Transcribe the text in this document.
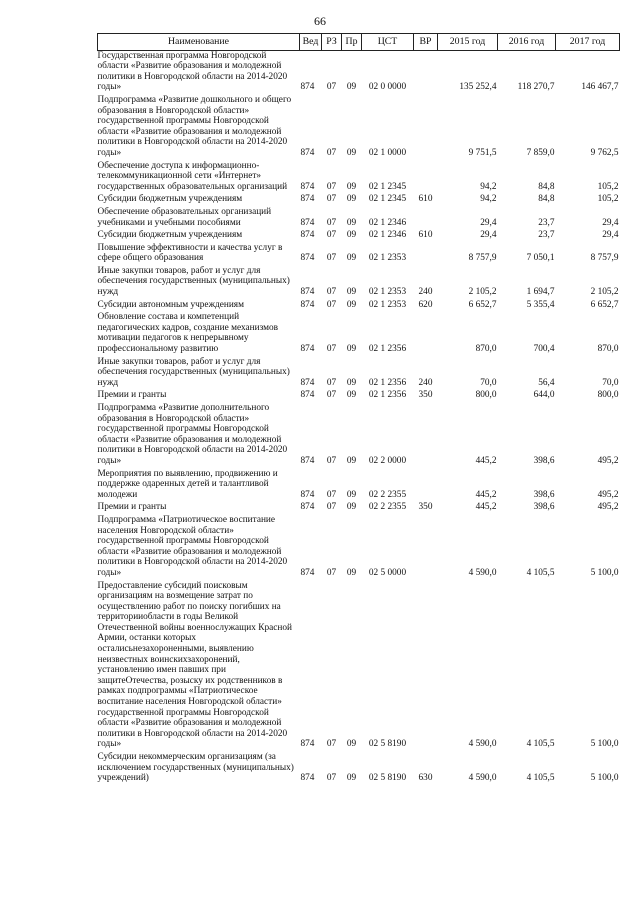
66
Наименование	Вед	РЗ	Пр	ЦСТ	ВР	2015 год	2016 год	2017 год
Государственная программа Новгородской области «Развитие образования и молодежной политики в Новгородской области на 2014-2020 годы»	874	07	09	02 0 0000		135 252,4	118 270,7	146 467,7
Подпрограмма «Развитие дошкольного и общего образования в Новгородской области» государственной программы Новгородской области «Развитие образования и молодежной политики в Новгородской области на 2014-2020 годы»	874	07	09	02 1 0000		9 751,5	7 859,0	9 762,5
Обеспечение доступа к информационно-телекоммуникационной сети «Интернет» государственных образовательных организаций	874	07	09	02 1 2345		94,2	84,8	105,2
Субсидии бюджетным учреждениям	874	07	09	02 1 2345	610	94,2	84,8	105,2
Обеспечение образовательных организаций учебниками и учебными пособиями	874	07	09	02 1 2346		29,4	23,7	29,4
Субсидии бюджетным учреждениям	874	07	09	02 1 2346	610	29,4	23,7	29,4
Повышение эффективности и качества услуг в сфере общего образования	874	07	09	02 1 2353		8 757,9	7 050,1	8 757,9
Иные закупки товаров, работ и услуг для обеспечения государственных (муниципальных) нужд	874	07	09	02 1 2353	240	2 105,2	1 694,7	2 105,2
Субсидии автономным учреждениям	874	07	09	02 1 2353	620	6 652,7	5 355,4	6 652,7
Обновление состава и компетенций педагогических кадров, создание механизмов мотивации педагогов к непрерывному профессиональному развитию	874	07	09	02 1 2356		870,0	700,4	870,0
Иные закупки товаров, работ и услуг для обеспечения государственных (муниципальных) нужд	874	07	09	02 1 2356	240	70,0	56,4	70,0
Премии и гранты	874	07	09	02 1 2356	350	800,0	644,0	800,0
Подпрограмма «Развитие дополнительного образования в Новгородской области» государственной программы Новгородской области «Развитие образования и молодежной политики в Новгородской области на 2014-2020 годы»	874	07	09	02 2 0000		445,2	398,6	495,2
Мероприятия по выявлению, продвижению и поддержке одаренных детей и талантливой молодежи	874	07	09	02 2 2355		445,2	398,6	495,2
Премии и гранты	874	07	09	02 2 2355	350	445,2	398,6	495,2
Подпрограмма «Патриотическое воспитание населения Новгородской области» государственной программы Новгородской области «Развитие образования и молодежной политики в Новгородской области на 2014-2020 годы»	874	07	09	02 5 0000		4 590,0	4 105,5	5 100,0
Предоставление субсидий поисковым организациям на возмещение затрат по осуществлению работ по поиску погибших на территорииобласти в годы Великой Отечественной войны военнослужащих Красной Армии, останки которых осталисьнезахороненными, выявлению неизвестных воинскихзахоронений, установлению имен павших при защитеОтечества, розыску их родственников в рамках подпрограммы «Патриотическое воспитание населения Новгородской области» государственной программы Новгородской области «Развитие образования и молодежной политики в Новгородской области на 2014-2020 годы»	874	07	09	02 5 8190		4 590,0	4 105,5	5 100,0
Субсидии некоммерческим организациям (за исключением государственных (муниципальных) учреждений)	874	07	09	02 5 8190	630	4 590,0	4 105,5	5 100,0
